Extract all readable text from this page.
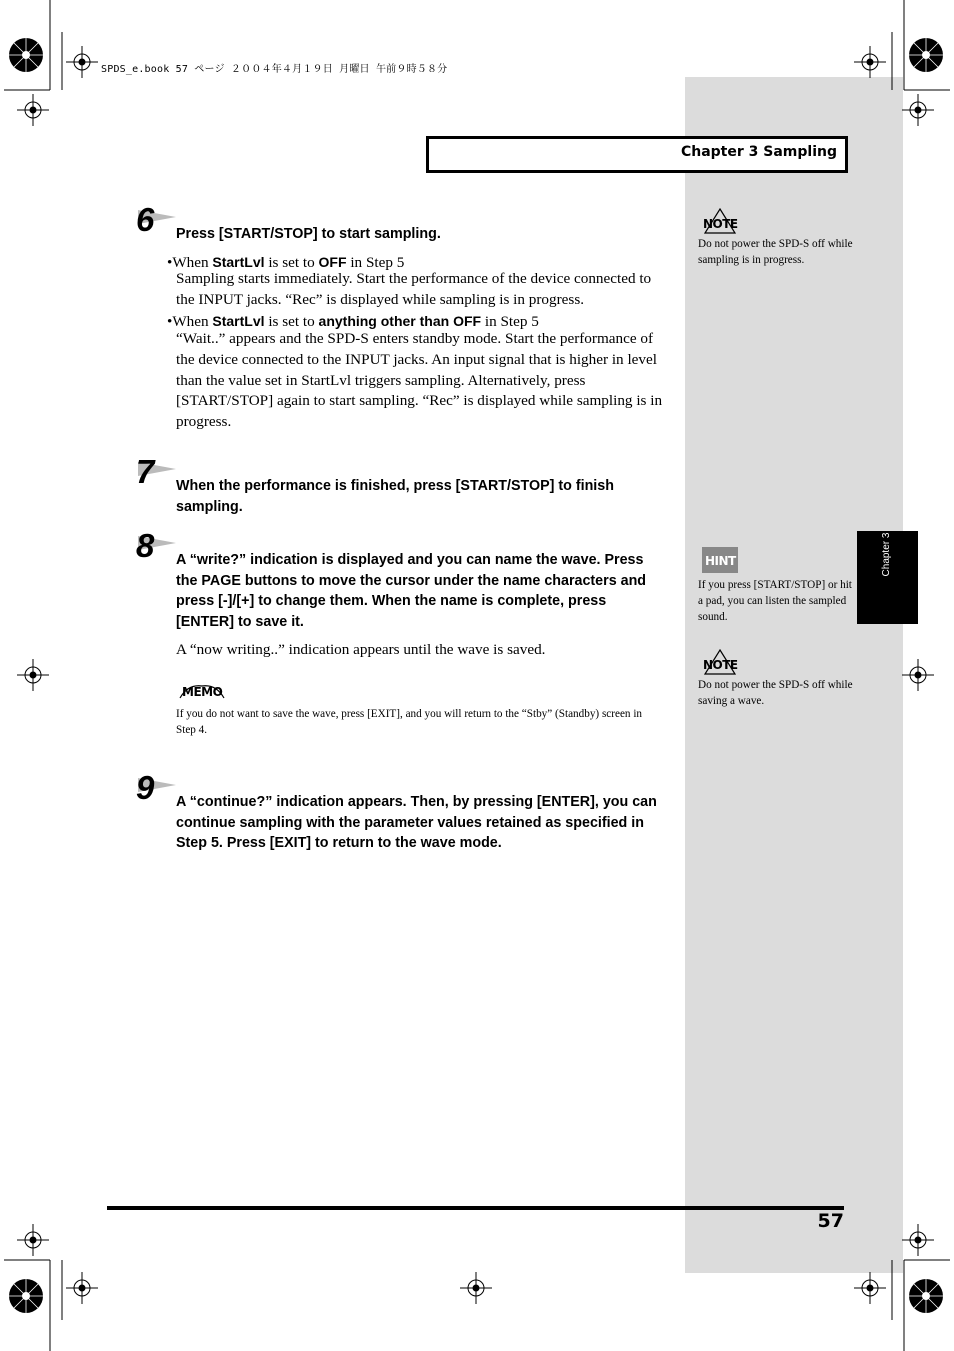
SPDS_e.book 57 ページ ２００４年４月１９日 月曜日 午前９時５８分
Chapter 3 Sampling
Chapter 3
6 Press [START/STOP] to start sampling.
•When StartLvl is set to OFF in Step 5
Sampling starts immediately. Start the performance of the device connected to the INPUT jacks. “Rec” is displayed while sampling is in progress.
•When StartLvl is set to anything other than OFF in Step 5
“Wait..” appears and the SPD-S enters standby mode. Start the performance of the device connected to the INPUT jacks. An input signal that is higher in level than the value set in StartLvl triggers sampling. Alternatively, press [START/STOP] again to start sampling. “Rec” is displayed while sampling is in progress.
7 When the performance is finished, press [START/STOP] to finish sampling.
8 A “write?” indication is displayed and you can name the wave. Press the PAGE buttons to move the cursor under the name characters and press [-]/[+] to change them. When the name is complete, press [ENTER] to save it.
A “now writing..” indication appears until the wave is saved.
MEMO
If you do not want to save the wave, press [EXIT], and you will return to the “Stby” (Standby) screen in Step 4.
9 A “continue?” indication appears. Then, by pressing [ENTER], you can continue sampling with the parameter values retained as specified in Step 5. Press [EXIT] to return to the wave mode.
NOTE
Do not power the SPD-S off while sampling is in progress.
HINT
If you press [START/STOP] or hit a pad, you can listen the sampled sound.
NOTE
Do not power the SPD-S off while saving a wave.
57
